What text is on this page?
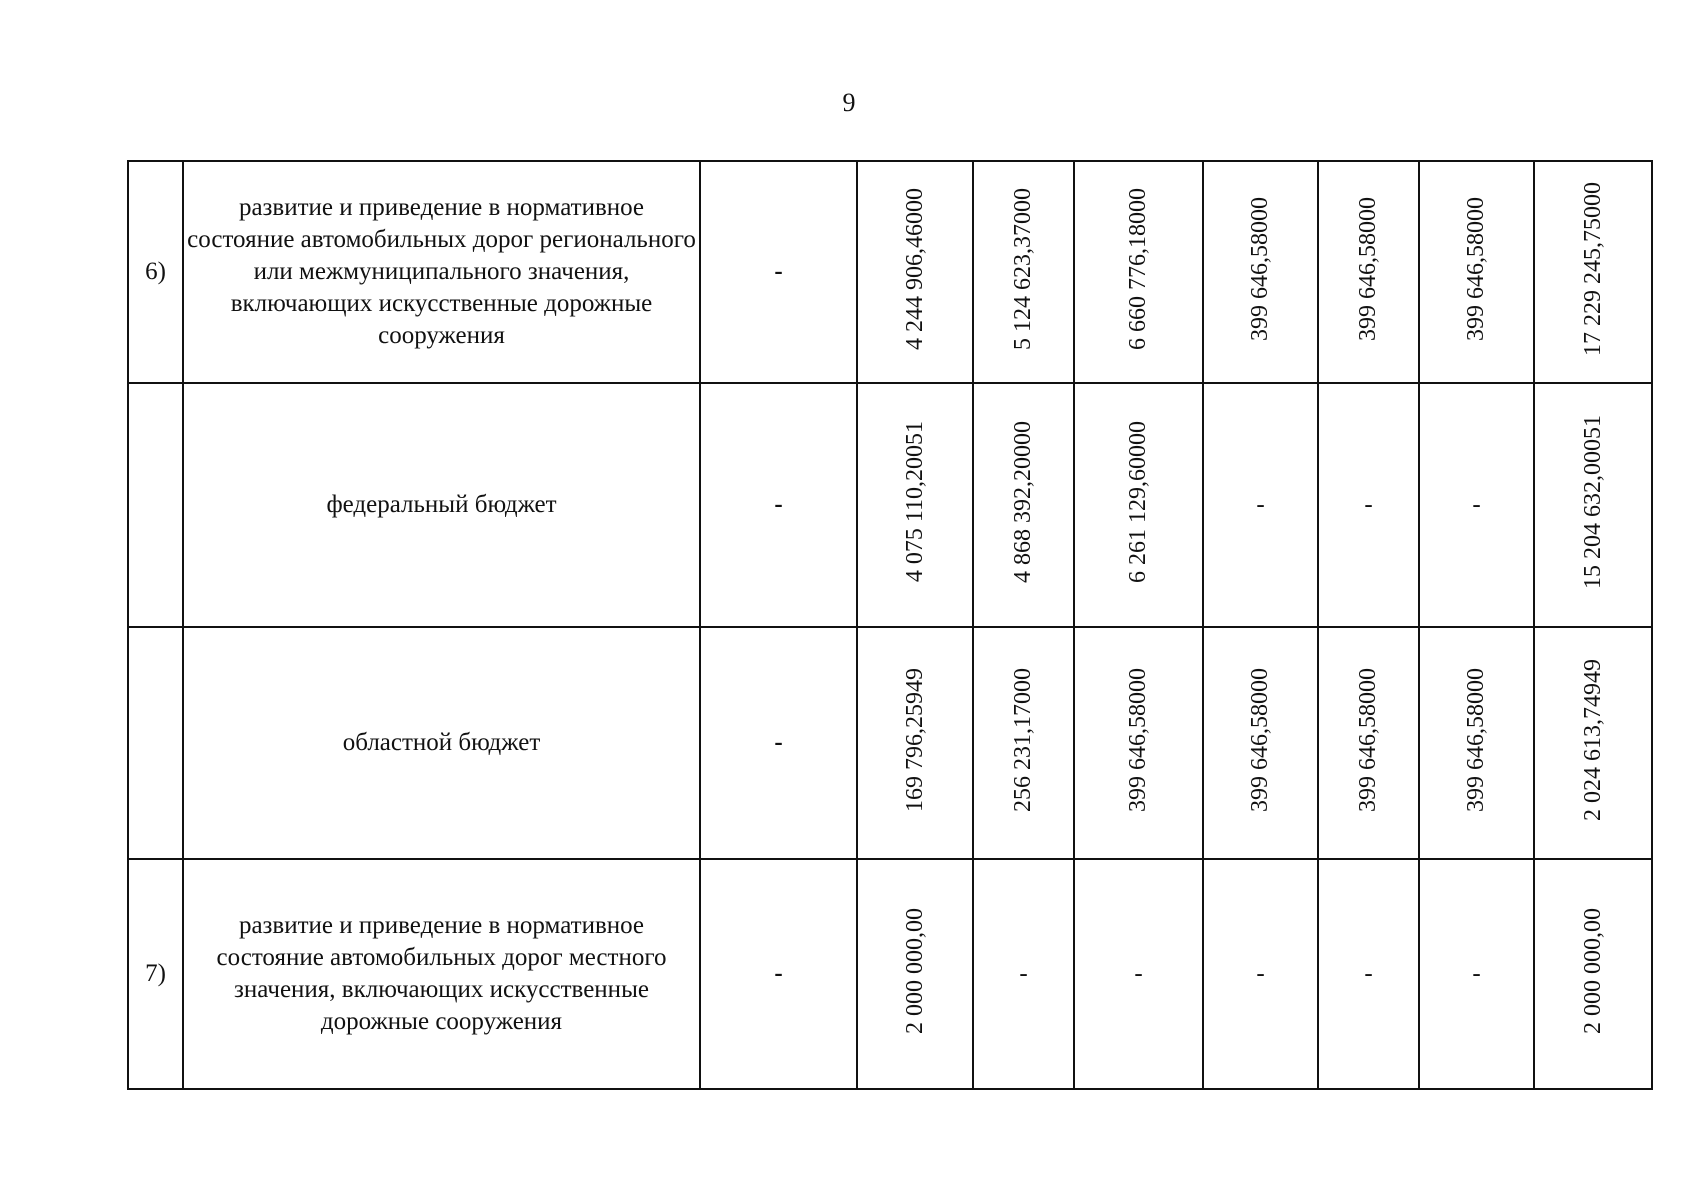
9
6)	развитие и приведение в нормативное состояние автомобильных дорог регионального или межмуниципального значения, включающих искусственные дорожные сооружения	-	4 244 906,46000	5 124 623,37000	6 660 776,18000	399 646,58000	399 646,58000	399 646,58000	17 229 245,75000
	федеральный бюджет	-	4 075 110,20051	4 868 392,20000	6 261 129,60000	-	-	-	15 204 632,00051
	областной бюджет	-	169 796,25949	256 231,17000	399 646,58000	399 646,58000	399 646,58000	399 646,58000	2 024 613,74949
7)	развитие и приведение в нормативное состояние автомобильных дорог местного значения, включающих искусственные дорожные сооружения	-	2 000 000,00	-	-	-	-	-	2 000 000,00
